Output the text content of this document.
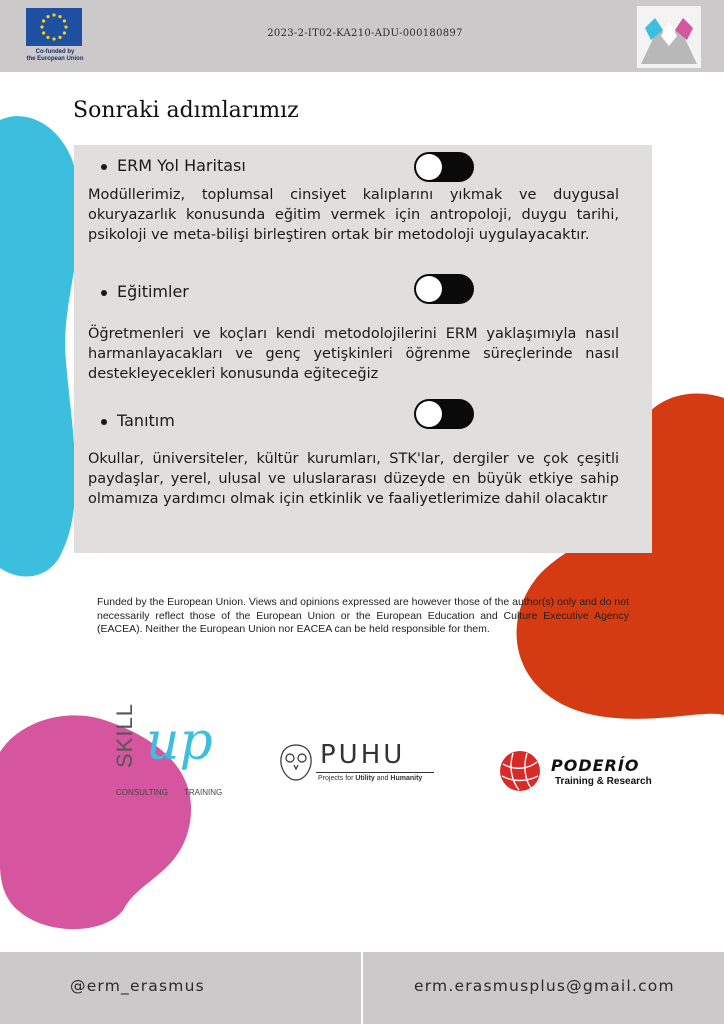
Co-funded by
the European Union
2023-2-IT02-KA210-ADU-000180897
Sonraki adımlarımız
ERM Yol Haritası

Modüllerimiz, toplumsal cinsiyet kalıplarını yıkmak ve duygusal okuryazarlık konusunda eğitim vermek için antropoloji, duygu tarihi, psikoloji ve meta-bilişi birleştiren ortak bir metodoloji uygulayacaktır.

Eğitimler

Öğretmenleri ve koçları kendi metodolojilerini ERM yaklaşımıyla nasıl harmanlayacakları ve genç yetişkinleri öğrenme süreçlerinde nasıl destekleyecekleri konusunda eğiteceğiz

Tanıtım

Okullar, üniversiteler, kültür kurumları, STK'lar, dergiler ve çok çeşitli paydaşlar, yerel, ulusal ve uluslararası düzeyde en büyük etkiye sahip olmamıza yardımcı olmak için etkinlik ve faaliyetlerimize dahil olacaktır

Funded by the European Union. Views and opinions expressed are however those of the author(s) only and do not necessarily reflect those of the European Union or the European Education and Culture Executive Agency (EACEA). Neither the European Union nor EACEA can be held responsible for them.

SKILL up
CONSULTING TRAINING
PUHU
Projects for Utility and Humanity
PODERÍO
Training & Research
@erm_erasmus	erm.erasmusplus@gmail.com
